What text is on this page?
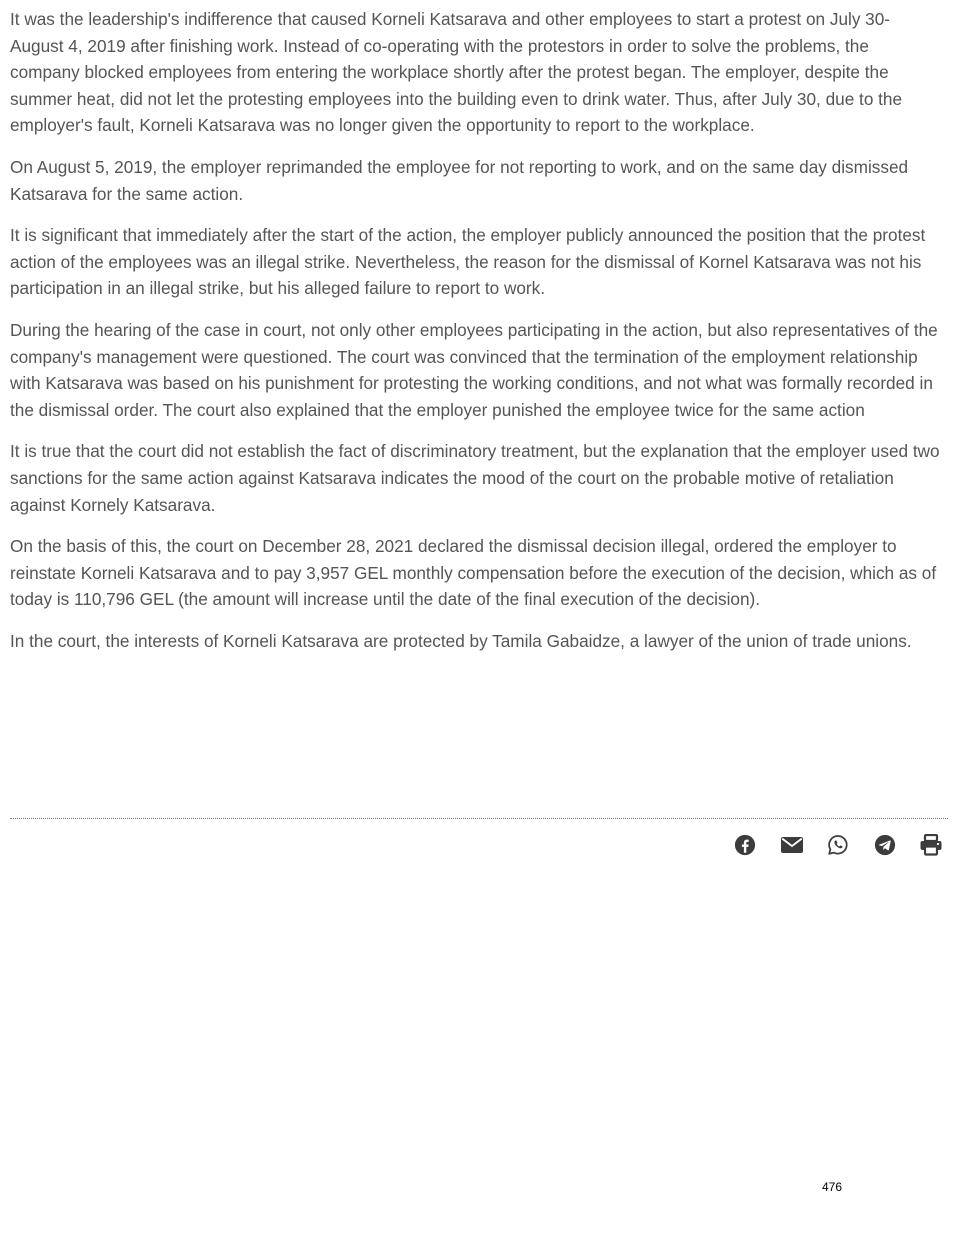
It was the leadership's indifference that caused Korneli Katsarava and other employees to start a protest on July 30-August 4, 2019 after finishing work. Instead of co-operating with the protestors in order to solve the problems, the company blocked employees from entering the workplace shortly after the protest began. The employer, despite the summer heat, did not let the protesting employees into the building even to drink water. Thus, after July 30, due to the employer's fault, Korneli Katsarava was no longer given the opportunity to report to the workplace.

On August 5, 2019, the employer reprimanded the employee for not reporting to work, and on the same day dismissed Katsarava for the same action.

It is significant that immediately after the start of the action, the employer publicly announced the position that the protest action of the employees was an illegal strike. Nevertheless, the reason for the dismissal of Kornel Katsarava was not his participation in an illegal strike, but his alleged failure to report to work.

During the hearing of the case in court, not only other employees participating in the action, but also representatives of the company's management were questioned. The court was convinced that the termination of the employment relationship with Katsarava was based on his punishment for protesting the working conditions, and not what was formally recorded in the dismissal order. The court also explained that the employer punished the employee twice for the same action

It is true that the court did not establish the fact of discriminatory treatment, but the explanation that the employer used two sanctions for the same action against Katsarava indicates the mood of the court on the probable motive of retaliation against Kornely Katsarava.

On the basis of this, the court on December 28, 2021 declared the dismissal decision illegal, ordered the employer to reinstate Korneli Katsarava and to pay 3,957 GEL monthly compensation before the execution of the decision, which as of today is 110,796 GEL (the amount will increase until the date of the final execution of the decision).

In the court, the interests of Korneli Katsarava are protected by Tamila Gabaidze, a lawyer of the union of trade unions.

476
